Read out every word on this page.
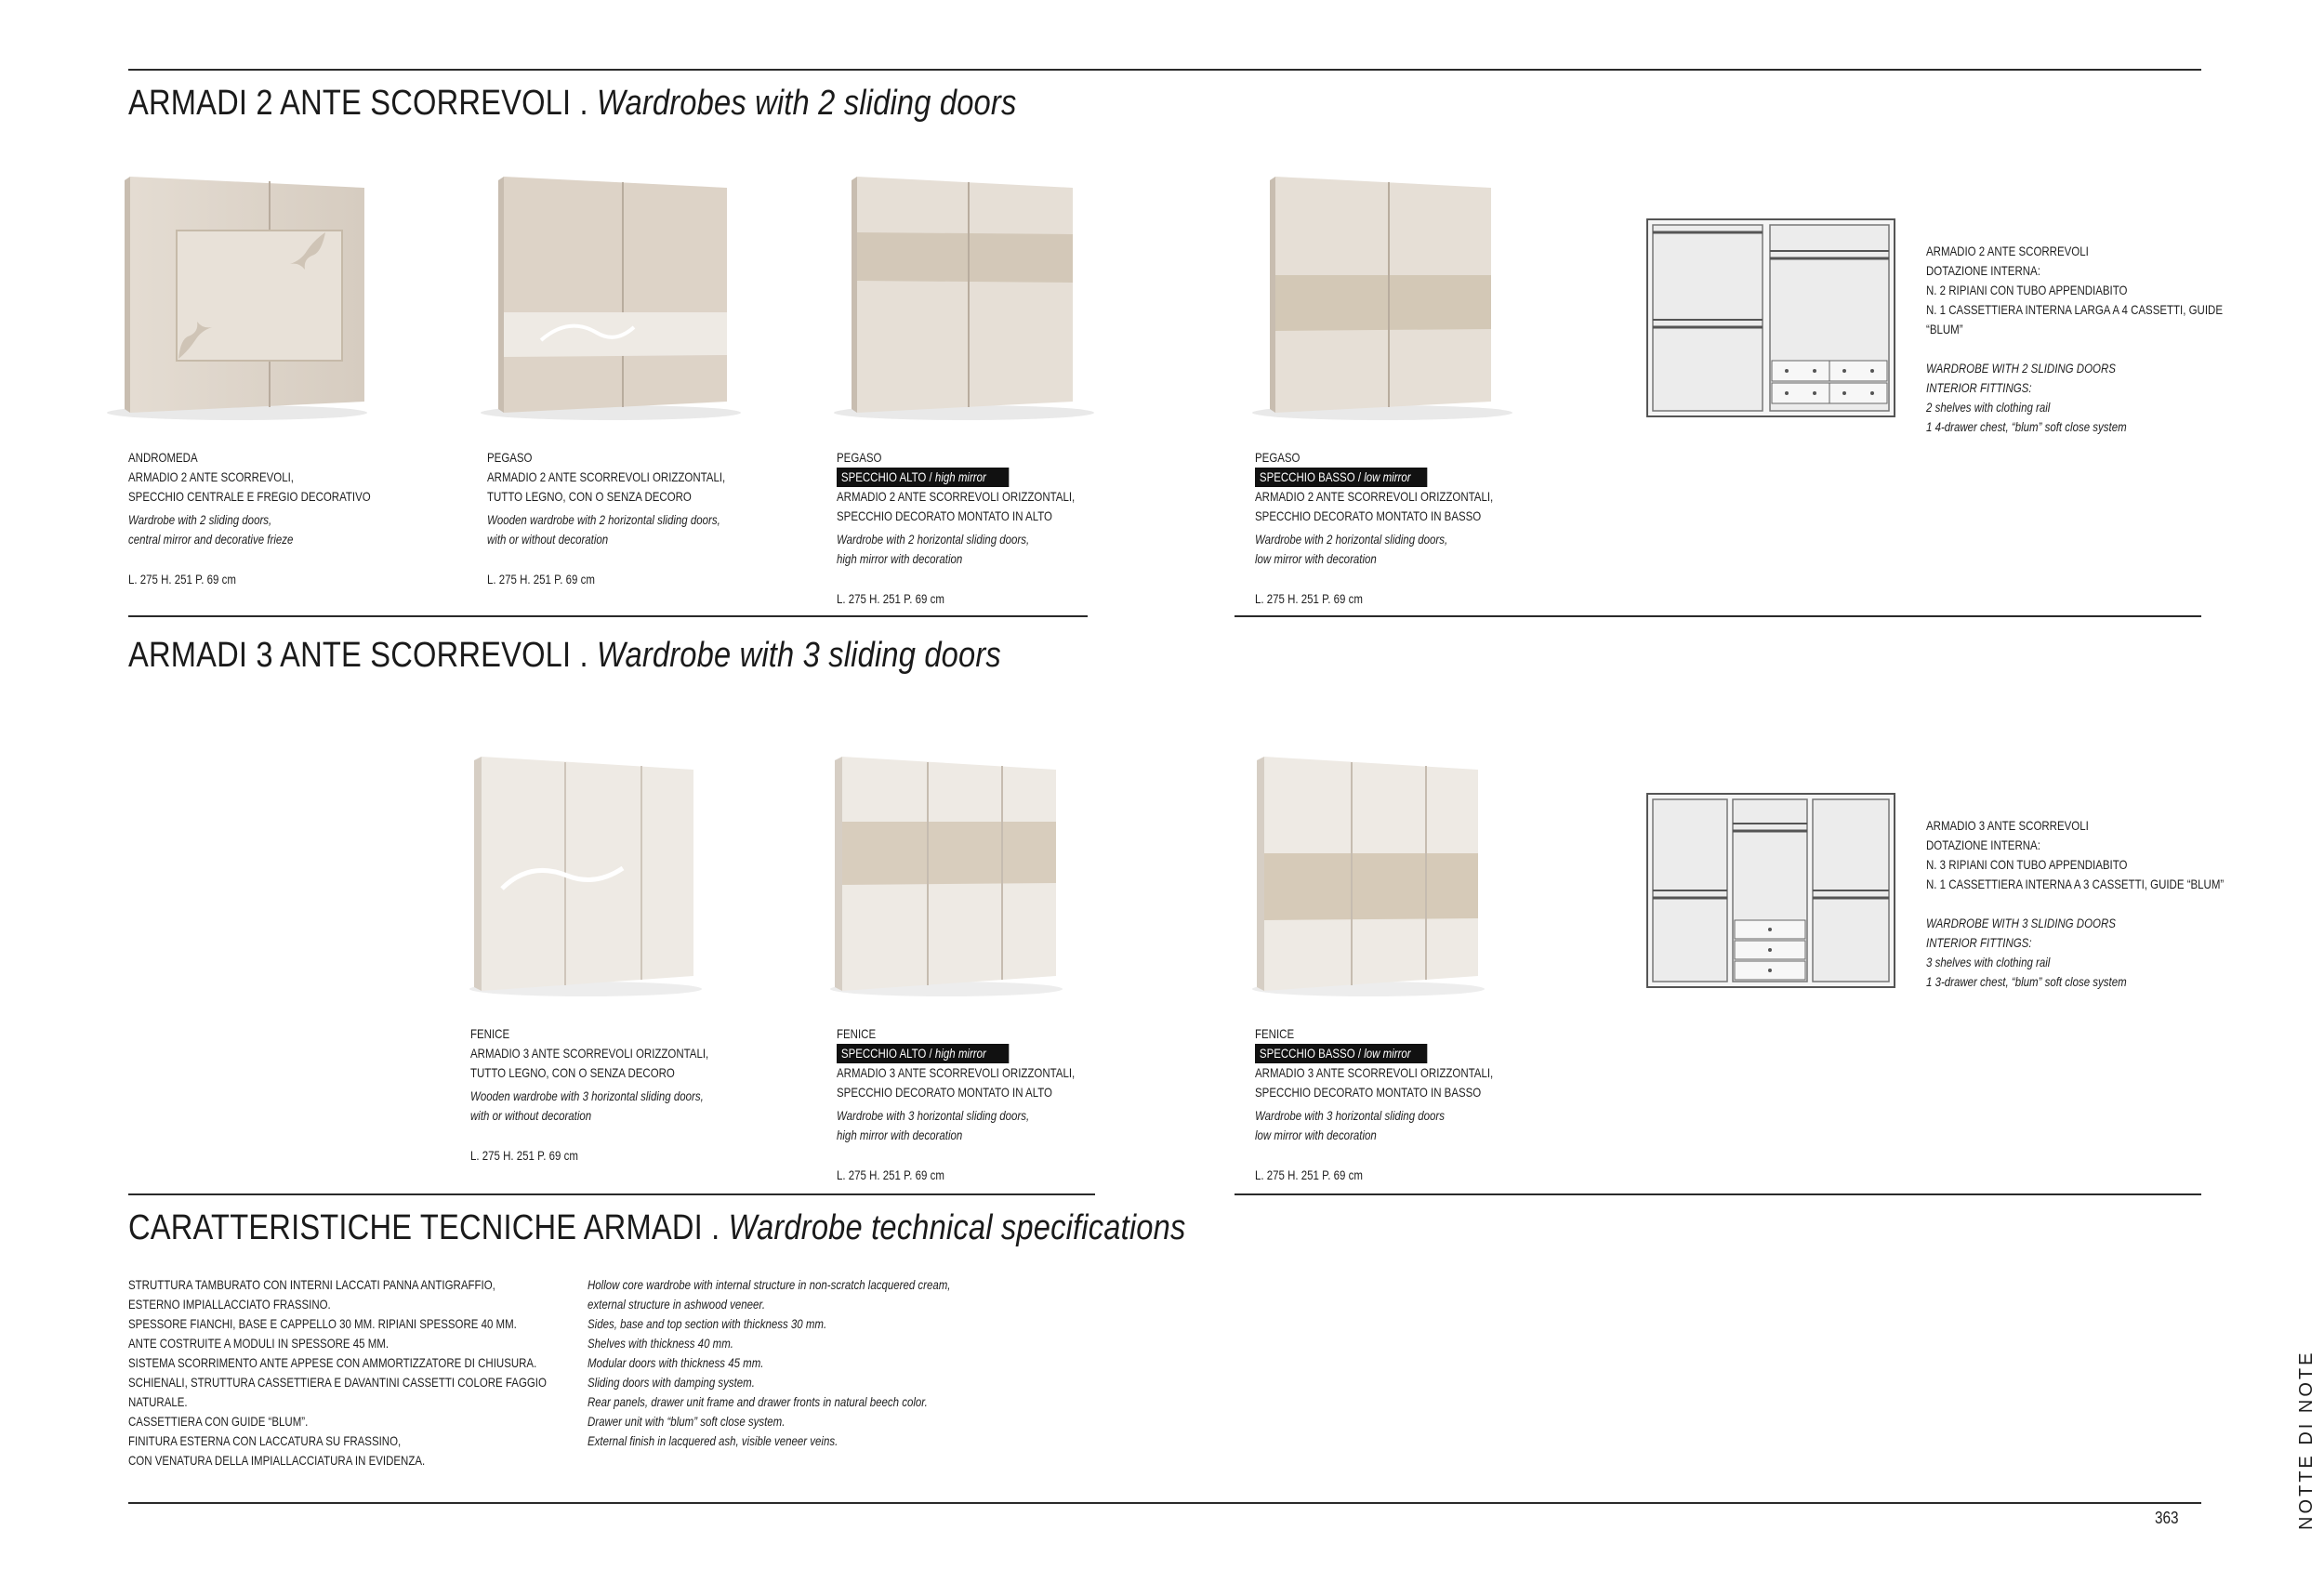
ARMADI 2 ANTE SCORREVOLI . Wardrobes with 2 sliding doors
ARMADI 3 ANTE SCORREVOLI . Wardrobe with 3 sliding doors
CARATTERISTICHE TECNICHE ARMADI . Wardrobe technical specifications
ARMADIO 2 ANTE SCORREVOLI
DOTAZIONE INTERNA:
N. 2 RIPIANI CON TUBO APPENDIABITO
N. 1 CASSETTIERA INTERNA LARGA A 4 CASSETTI, GUIDE “BLUM”
WARDROBE WITH 2 SLIDING DOORS
INTERIOR FITTINGS:
2 shelves with clothing rail
1 4-drawer chest, “blum” soft close system
ANDROMEDA
ARMADIO 2 ANTE SCORREVOLI,
SPECCHIO CENTRALE E FREGIO DECORATIVO
Wardrobe with 2 sliding doors,
central mirror and decorative frieze
L. 275 H. 251 P. 69 cm
PEGASO
ARMADIO 2 ANTE SCORREVOLI ORIZZONTALI,
TUTTO LEGNO, CON O SENZA DECORO
Wooden wardrobe with 2 horizontal sliding doors,
with or without decoration
L. 275 H. 251 P. 69 cm
PEGASO
SPECCHIO ALTO / high mirror
ARMADIO 2 ANTE SCORREVOLI ORIZZONTALI,
SPECCHIO DECORATO MONTATO IN ALTO
Wardrobe with 2 horizontal sliding doors,
high mirror with decoration
L. 275 H. 251 P. 69 cm
PEGASO
SPECCHIO BASSO / low mirror
ARMADIO 2 ANTE SCORREVOLI ORIZZONTALI,
SPECCHIO DECORATO MONTATO IN BASSO
Wardrobe with 2 horizontal sliding doors,
low mirror with decoration
L. 275 H. 251 P. 69 cm
ARMADIO 3 ANTE SCORREVOLI
DOTAZIONE INTERNA:
N. 3 RIPIANI CON TUBO APPENDIABITO
N. 1 CASSETTIERA INTERNA A 3 CASSETTI, GUIDE “BLUM”
WARDROBE WITH 3 SLIDING DOORS
INTERIOR FITTINGS:
3 shelves with clothing rail
1 3-drawer chest, “blum” soft close system
FENICE
ARMADIO 3 ANTE SCORREVOLI ORIZZONTALI,
TUTTO LEGNO, CON O SENZA DECORO
Wooden wardrobe with 3 horizontal sliding doors,
with or without decoration
L. 275 H. 251 P. 69 cm
FENICE
SPECCHIO ALTO / high mirror
ARMADIO 3 ANTE SCORREVOLI ORIZZONTALI,
SPECCHIO DECORATO MONTATO IN ALTO
Wardrobe with 3 horizontal sliding doors,
high mirror with decoration
L. 275 H. 251 P. 69 cm
FENICE
SPECCHIO BASSO / low mirror
ARMADIO 3 ANTE SCORREVOLI ORIZZONTALI,
SPECCHIO DECORATO MONTATO IN BASSO
Wardrobe with 3 horizontal sliding doors
low mirror with decoration
L. 275 H. 251 P. 69 cm
STRUTTURA TAMBURATO CON INTERNI LACCATI PANNA ANTIGRAFFIO,
ESTERNO IMPIALLACCIATO FRASSINO.
SPESSORE FIANCHI, BASE E CAPPELLO 30 MM. RIPIANI SPESSORE 40 MM.
ANTE COSTRUITE A MODULI IN SPESSORE 45 MM.
SISTEMA SCORRIMENTO ANTE APPESE CON AMMORTIZZATORE DI CHIUSURA.
SCHIENALI, STRUTTURA CASSETTIERA E DAVANTINI CASSETTI COLORE FAGGIO NATURALE.
CASSETTIERA CON GUIDE “BLUM”.
FINITURA ESTERNA CON LACCATURA SU FRASSINO,
CON VENATURA DELLA IMPIALLACCIATURA IN EVIDENZA.
Hollow core wardrobe with internal structure in non-scratch lacquered cream,
external structure in ashwood veneer.
Sides, base and top section with thickness 30 mm.
Shelves with thickness 40 mm.
Modular doors with thickness 45 mm.
Sliding doors with damping system.
Rear panels, drawer unit frame and drawer fronts in natural beech color.
Drawer unit with “blum” soft close system.
External finish in lacquered ash, visible veneer veins.
363	NOTTE DI NOTE
